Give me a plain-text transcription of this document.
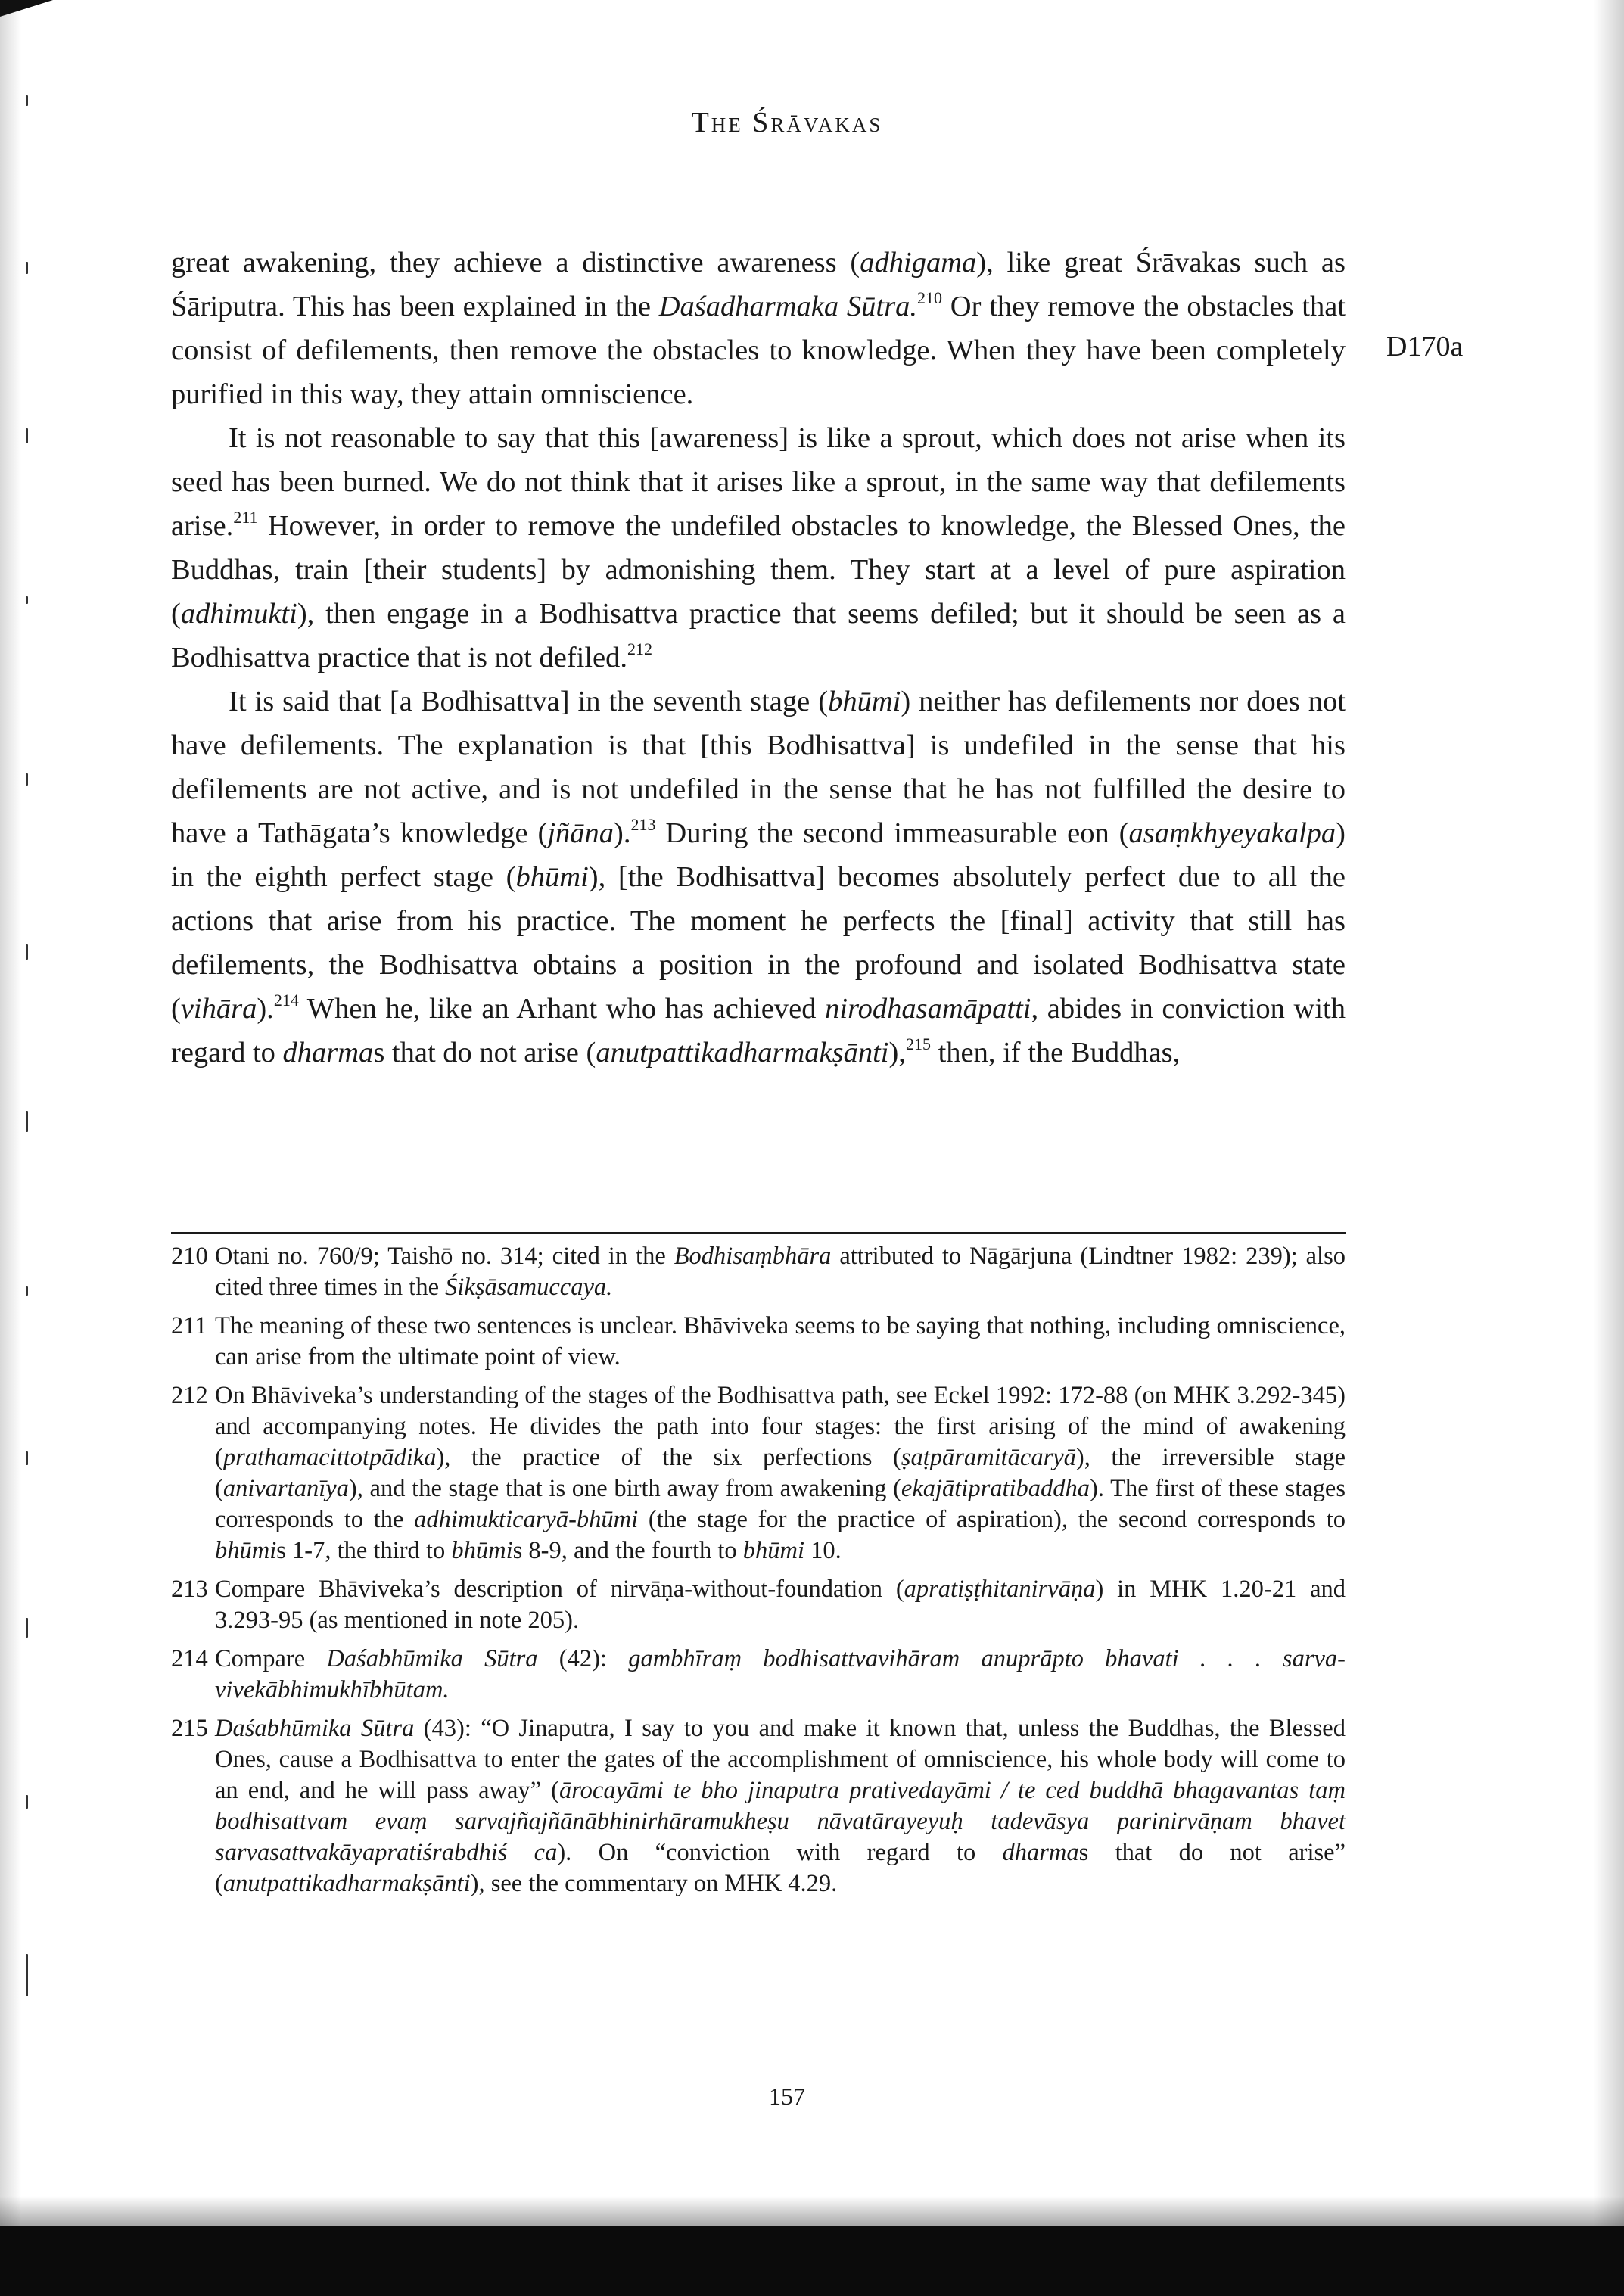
The Śrāvakas
D170a

great awakening, they achieve a distinctive awareness (adhigama), like great Śrāvakas such as Śāriputra. This has been explained in the Daśadharmaka Sūtra.$^{210}$ Or they remove the obstacles that consist of defilements, then remove the obstacles to knowledge. When they have been completely purified in this way, they attain omniscience.

It is not reasonable to say that this [awareness] is like a sprout, which does not arise when its seed has been burned. We do not think that it arises like a sprout, in the same way that defilements arise.$^{211}$ However, in order to remove the undefiled obstacles to knowledge, the Blessed Ones, the Buddhas, train [their students] by admonishing them. They start at a level of pure aspiration (adhimukti), then engage in a Bodhisattva practice that seems defiled; but it should be seen as a Bodhisattva practice that is not defiled.$^{212}$

It is said that [a Bodhisattva] in the seventh stage (bhūmi) neither has defilements nor does not have defilements. The explanation is that [this Bodhisattva] is undefiled in the sense that his defilements are not active, and is not undefiled in the sense that he has not fulfilled the desire to have a Tathāgata’s knowledge (jñāna).$^{213}$ During the second immeasurable eon (asaṃkhyeyakalpa) in the eighth perfect stage (bhūmi), [the Bodhisattva] becomes absolutely perfect due to all the actions that arise from his practice. The moment he perfects the [final] activity that still has defilements, the Bodhisattva obtains a position in the profound and isolated Bodhisattva state (vihāra).$^{214}$ When he, like an Arhant who has achieved nirodhasamāpatti, abides in conviction with regard to dharmas that do not arise (anutpattikadharmakṣānti),$^{215}$ then, if the Buddhas,

210 Otani no. 760/9; Taishō no. 314; cited in the Bodhisaṃbhāra attributed to Nāgārjuna (Lindtner 1982: 239); also cited three times in the Śikṣāsamuccaya.

211 The meaning of these two sentences is unclear. Bhāviveka seems to be saying that nothing, including omniscience, can arise from the ultimate point of view.

212 On Bhāviveka’s understanding of the stages of the Bodhisattva path, see Eckel 1992: 172-88 (on MHK 3.292-345) and accompanying notes. He divides the path into four stages: the first arising of the mind of awakening (prathamacittotpādika), the practice of the six perfections (ṣaṭpāramitācaryā), the irreversible stage (anivartanīya), and the stage that is one birth away from awakening (ekajātipratibaddha). The first of these stages corresponds to the adhimukticaryā-bhūmi (the stage for the practice of aspiration), the second corresponds to bhūmis 1-7, the third to bhūmis 8-9, and the fourth to bhūmi 10.

213 Compare Bhāviveka’s description of nirvāṇa-without-foundation (apratiṣṭhitanirvāṇa) in MHK 1.20-21 and 3.293-95 (as mentioned in note 205).

214 Compare Daśabhūmika Sūtra (42): gambhīraṃ bodhisattvavihāram anuprāpto bhavati . . . sarvavivekābhimukhībhūtam.

215 Daśabhūmika Sūtra (43): “O Jinaputra, I say to you and make it known that, unless the Buddhas, the Blessed Ones, cause a Bodhisattva to enter the gates of the accomplishment of omniscience, his whole body will come to an end, and he will pass away” (ārocayāmi te bho jinaputra prativedayāmi / te ced buddhā bhagavantas taṃ bodhisattvam evaṃ sarvajñajñānābhinirhāramukheṣu nāvatārayeyuḥ tadevāsya parinirvāṇam bhavet sarvasattvakāyapratiśrabdhiś ca). On “conviction with regard to dharmas that do not arise” (anutpattikadharmakṣānti), see the commentary on MHK 4.29.

157
